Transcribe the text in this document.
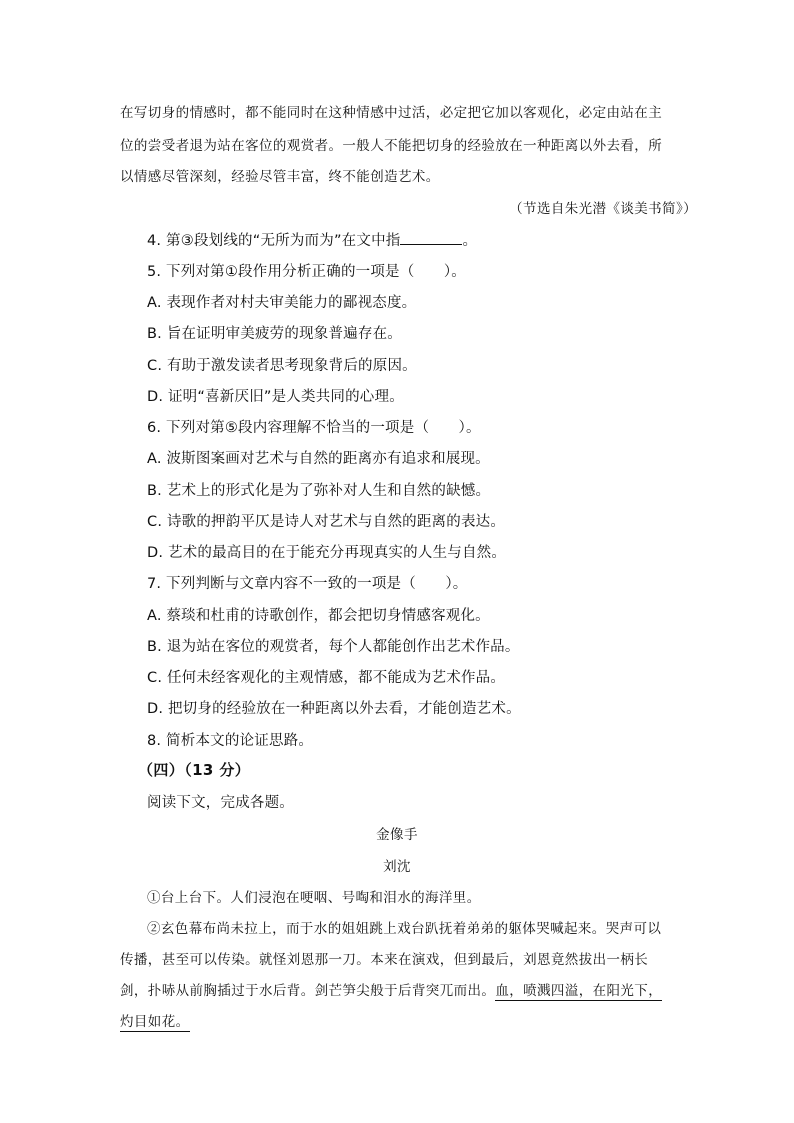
在写切身的情感时，都不能同时在这种情感中过活，必定把它加以客观化，必定由站在主
位的尝受者退为站在客位的观赏者。一般人不能把切身的经验放在一种距离以外去看，所
以情感尽管深刻，经验尽管丰富，终不能创造艺术。
（节选自朱光潜《谈美书简》）
4. 第③段划线的“无所为而为”在文中指	。
5. 下列对第①段作用分析正确的一项是（　　）。
A. 表现作者对村夫审美能力的鄙视态度。
B. 旨在证明审美疲劳的现象普遍存在。
C. 有助于激发读者思考现象背后的原因。
D. 证明“喜新厌旧”是人类共同的心理。
6. 下列对第⑤段内容理解不恰当的一项是（　　）。
A. 波斯图案画对艺术与自然的距离亦有追求和展现。
B. 艺术上的形式化是为了弥补对人生和自然的缺憾。
C. 诗歌的押韵平仄是诗人对艺术与自然的距离的表达。
D. 艺术的最高目的在于能充分再现真实的人生与自然。
7. 下列判断与文章内容不一致的一项是（　　）。
A. 蔡琰和杜甫的诗歌创作，都会把切身情感客观化。
B. 退为站在客位的观赏者，每个人都能创作出艺术作品。
C. 任何未经客观化的主观情感，都不能成为艺术作品。
D. 把切身的经验放在一种距离以外去看，才能创造艺术。
8. 简析本文的论证思路。
（四）（13 分）
阅读下文，完成各题。
金像手
刘沈
①台上台下。人们浸泡在哽咽、号啕和泪水的海洋里。
②玄色幕布尚未拉上，而于水的姐姐跳上戏台趴抚着弟弟的躯体哭喊起来。哭声可以
传播，甚至可以传染。就怪刘恩那一刀。本来在演戏，但到最后，刘恩竟然拔出一柄长
剑，扑哧从前胸插过于水后背。剑芒笋尖般于后背突兀而出。血，喷溅四溢，在阳光下，
灼目如花。
